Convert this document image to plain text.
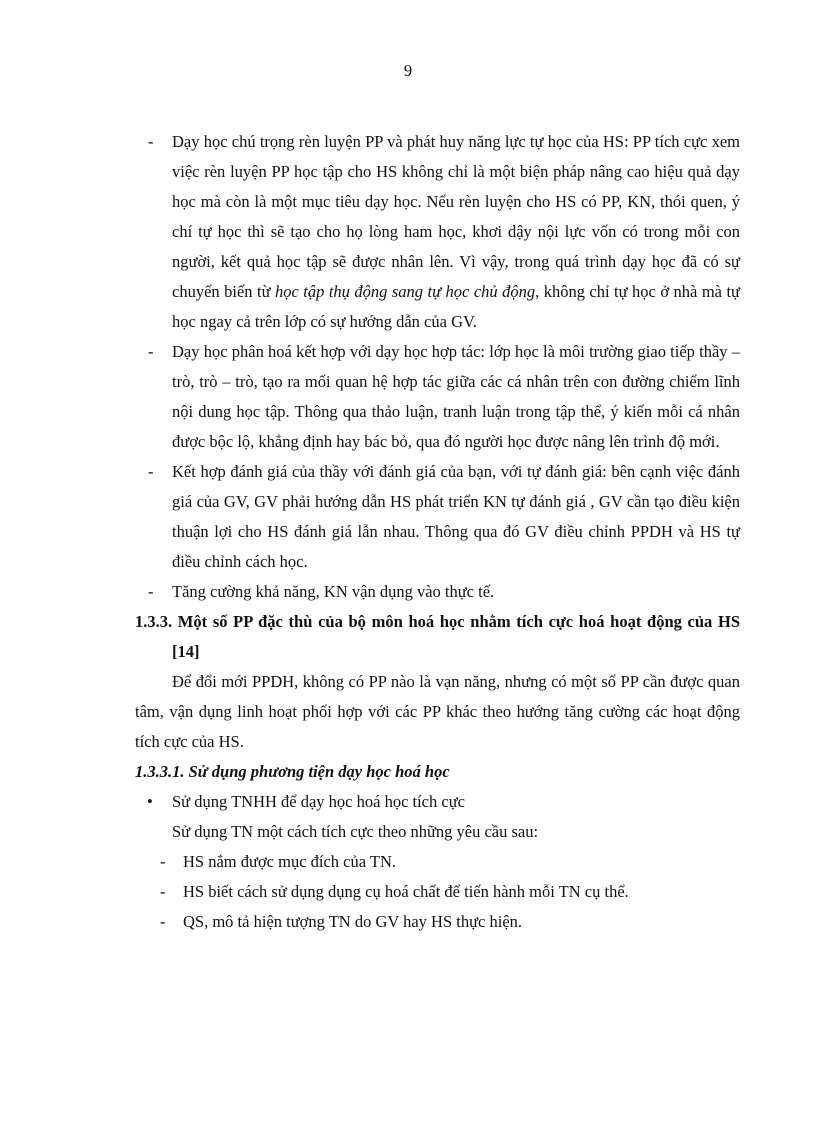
9

- Dạy học chú trọng rèn luyện PP và phát huy năng lực tự học của HS: PP tích cực xem việc rèn luyện PP học tập cho HS không chỉ là một biện pháp nâng cao hiệu quả dạy học mà còn là một mục tiêu dạy học. Nếu rèn luyện cho HS có PP, KN, thói quen, ý chí tự học thì sẽ tạo cho họ lòng ham học, khơi dậy nội lực vốn có trong mỗi con người, kết quả học tập sẽ được nhân lên. Vì vậy, trong quá trình dạy học đã có sự chuyển biến từ học tập thụ động sang tự học chủ động, không chỉ tự học ở nhà mà tự học ngay cả trên lớp có sự hướng dẫn của GV.

- Dạy học phân hoá kết hợp với dạy học hợp tác: lớp học là môi trường giao tiếp thầy – trò, trò – trò, tạo ra mối quan hệ hợp tác giữa các cá nhân trên con đường chiếm lĩnh nội dung học tập. Thông qua thảo luận, tranh luận trong tập thể, ý kiến mỗi cá nhân được bộc lộ, khẳng định hay bác bỏ, qua đó người học được nâng lên trình độ mới.

- Kết hợp đánh giá của thầy với đánh giá của bạn, với tự đánh giá: bên cạnh việc đánh giá của GV, GV phải hướng dẫn HS phát triển KN tự đánh giá , GV cần tạo điều kiện thuận lợi cho HS đánh giá lẫn nhau. Thông qua đó GV điều chỉnh PPDH và HS tự điều chỉnh cách học.

- Tăng cường khả năng, KN vận dụng vào thực tế.

1.3.3. Một số PP đặc thù của bộ môn hoá học nhằm tích cực hoá hoạt động của HS [14]

Để đổi mới PPDH, không có PP nào là vạn năng, nhưng có một số PP cần được quan tâm, vận dụng linh hoạt phối hợp với các PP khác theo hướng tăng cường các hoạt động tích cực của HS.

1.3.3.1. Sử dụng phương tiện dạy học hoá học

• Sử dụng TNHH để dạy học hoá học tích cực

Sử dụng TN một cách tích cực theo những yêu cầu sau:

- HS nắm được mục đích của TN.

- HS biết cách sử dụng dụng cụ hoá chất để tiến hành mỗi TN cụ thể.

- QS, mô tả hiện tượng TN do GV hay HS thực hiện.
